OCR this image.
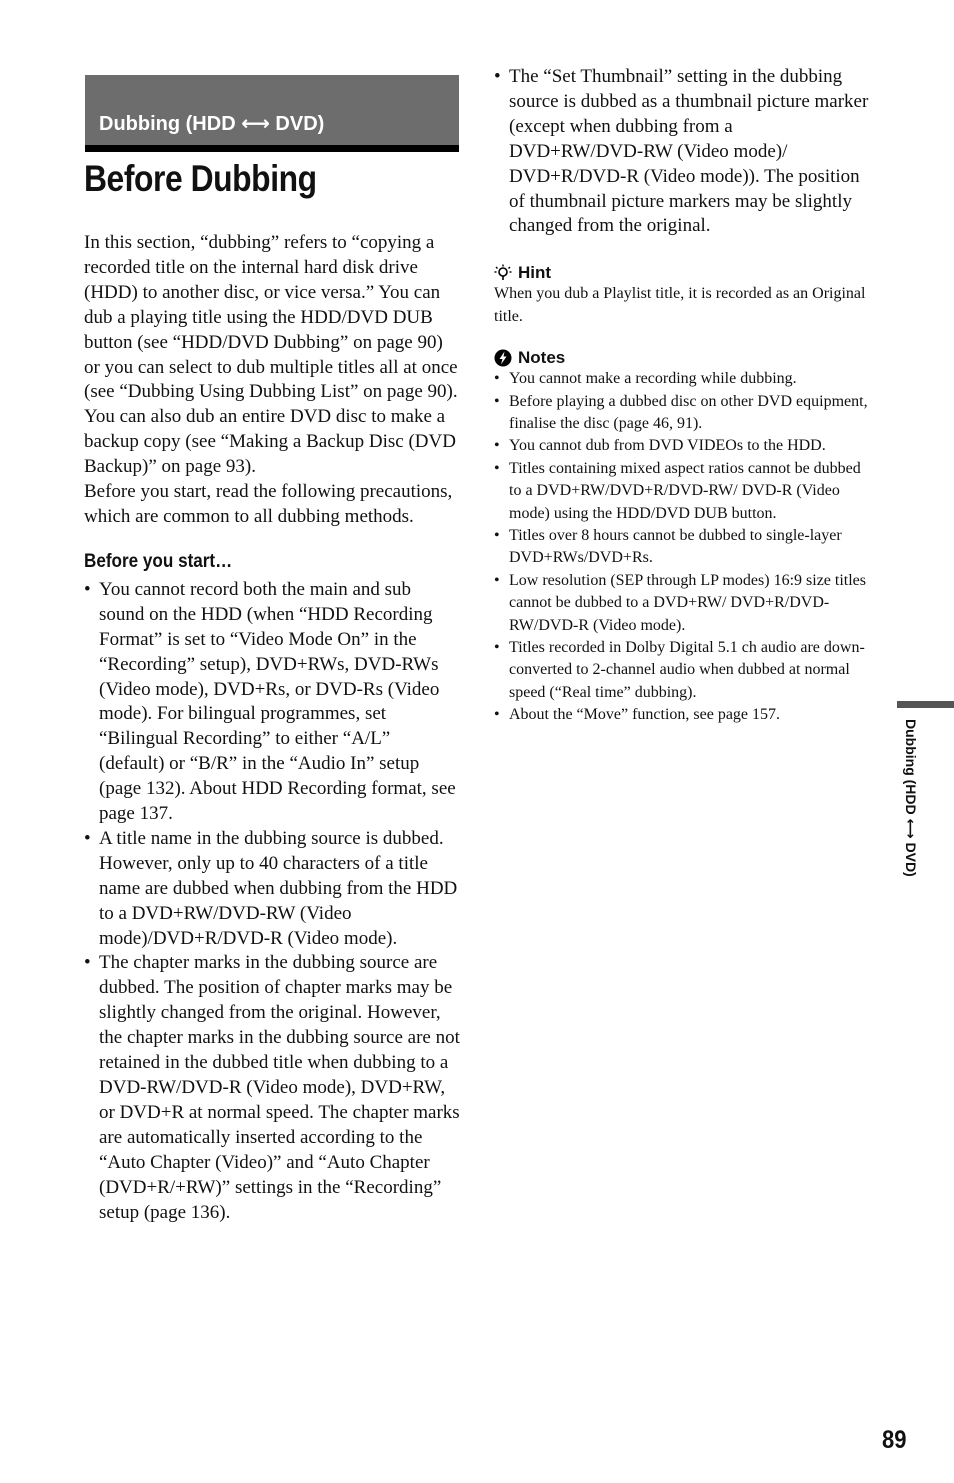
Dubbing (HDD ⟷ DVD)
Before Dubbing

In this section, “dubbing” refers to “copying a recorded title on the internal hard disk drive (HDD) to another disc, or vice versa.” You can dub a playing title using the HDD/DVD DUB button (see “HDD/DVD Dubbing” on page 90) or you can select to dub multiple titles all at once (see “Dubbing Using Dubbing List” on page 90). You can also dub an entire DVD disc to make a backup copy (see “Making a Backup Disc (DVD Backup)” on page 93).

Before you start, read the following precautions, which are common to all dubbing methods.

Before you start…

• You cannot record both the main and sub sound on the HDD (when “HDD Recording Format” is set to “Video Mode On” in the “Recording” setup), DVD+RWs, DVD-RWs (Video mode), DVD+Rs, or DVD-Rs (Video mode). For bilingual programmes, set “Bilingual Recording” to either “A/L” (default) or “B/R” in the “Audio In” setup (page 132). About HDD Recording format, see page 137.
• A title name in the dubbing source is dubbed. However, only up to 40 characters of a title name are dubbed when dubbing from the HDD to a DVD+RW/DVD-RW (Video mode)/DVD+R/DVD-R (Video mode).
• The chapter marks in the dubbing source are dubbed. The position of chapter marks may be slightly changed from the original. However, the chapter marks in the dubbing source are not retained in the dubbed title when dubbing to a DVD-RW/DVD-R (Video mode), DVD+RW, or DVD+R at normal speed. The chapter marks are automatically inserted according to the “Auto Chapter (Video)” and “Auto Chapter (DVD+R/+RW)” settings in the “Recording” setup (page 136).
• The “Set Thumbnail” setting in the dubbing source is dubbed as a thumbnail picture marker (except when dubbing from a DVD+RW/DVD-RW (Video mode)/ DVD+R/DVD-R (Video mode)). The position of thumbnail picture markers may be slightly changed from the original.

Hint

When you dub a Playlist title, it is recorded as an Original title.

Notes

• You cannot make a recording while dubbing.
• Before playing a dubbed disc on other DVD equipment, finalise the disc (page 46, 91).
• You cannot dub from DVD VIDEOs to the HDD.
• Titles containing mixed aspect ratios cannot be dubbed to a DVD+RW/DVD+R/DVD-RW/ DVD-R (Video mode) using the HDD/DVD DUB button.
• Titles over 8 hours cannot be dubbed to single-layer DVD+RWs/DVD+Rs.
• Low resolution (SEP through LP modes) 16:9 size titles cannot be dubbed to a DVD+RW/ DVD+R/DVD-RW/DVD-R (Video mode).
• Titles recorded in Dolby Digital 5.1 ch audio are down-converted to 2-channel audio when dubbed at normal speed (“Real time” dubbing).
• About the “Move” function, see page 157.
Dubbing (HDD ⟷ DVD)
89
